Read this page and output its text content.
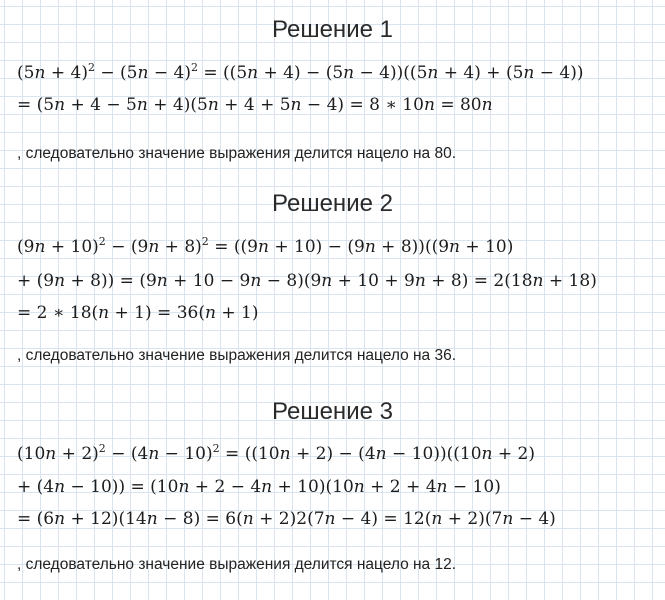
Решение 1
$(5n + 4)^2 - (5n - 4)^2 = ((5n + 4) - (5n - 4))((5n + 4) + (5n - 4))$
= (5n + 4 − 5n + 4)(5n + 4 + 5n − 4) = 8 ∗ 10n = 80n
, следовательно значение выражения делится нацело на 80.
Решение 2
$(9n + 10)^2 - (9n + 8)^2 = ((9n + 10) - (9n + 8))((9n + 10)$
+ (9n + 8)) = (9n + 10 − 9n − 8)(9n + 10 + 9n + 8) = 2(18n + 18)
= 2 ∗ 18(n + 1) = 36(n + 1)
, следовательно значение выражения делится нацело на 36.
Решение 3
$(10n + 2)^2 - (4n - 10)^2 = ((10n + 2) - (4n - 10))((10n + 2)$
+ (4n − 10)) = (10n + 2 − 4n + 10)(10n + 2 + 4n − 10)
= (6n + 12)(14n − 8) = 6(n + 2)2(7n − 4) = 12(n + 2)(7n − 4)
, следовательно значение выражения делится нацело на 12.
